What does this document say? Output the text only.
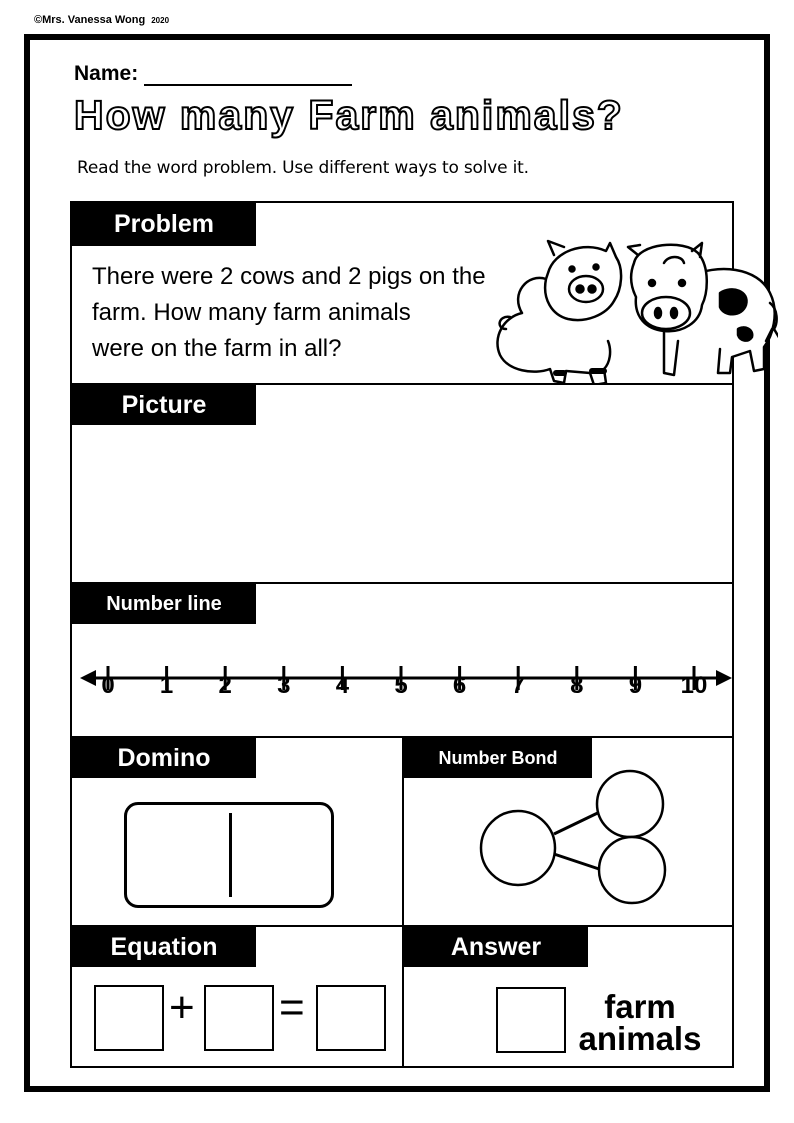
©Mrs. Vanessa Wong 2020
Name:
How many Farm animals?
Read the word problem. Use different ways to solve it.
Problem
There were 2 cows and 2 pigs on the
farm. How many farm animals
were on the farm in all?
Picture
Number line
0 1 2 3 4 5 6 7 8 9 10
Domino	Number Bond
Equation
+ =
Answer
farm
animals
